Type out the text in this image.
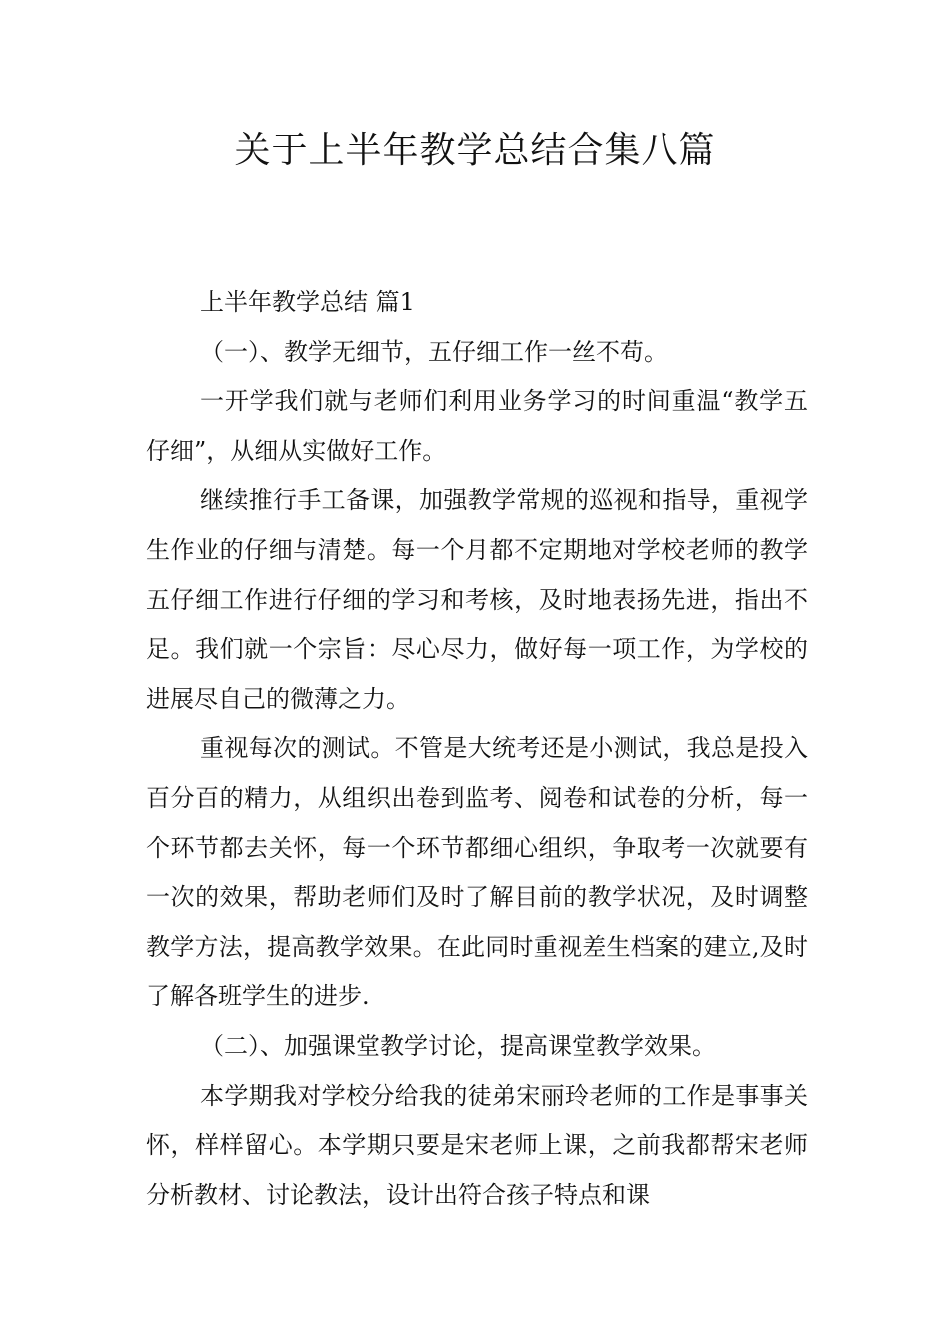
关于上半年教学总结合集八篇

上半年教学总结 篇1

（一）、教学无细节，五仔细工作一丝不苟。

一开学我们就与老师们利用业务学习的时间重温“教学五仔细”，从细从实做好工作。

继续推行手工备课，加强教学常规的巡视和指导，重视学生作业的仔细与清楚。每一个月都不定期地对学校老师的教学五仔细工作进行仔细的学习和考核，及时地表扬先进，指出不足。我们就一个宗旨：尽心尽力，做好每一项工作，为学校的进展尽自己的微薄之力。

重视每次的测试。不管是大统考还是小测试，我总是投入百分百的精力，从组织出卷到监考、阅卷和试卷的分析，每一个环节都去关怀，每一个环节都细心组织，争取考一次就要有一次的效果，帮助老师们及时了解目前的教学状况，及时调整教学方法，提高教学效果。在此同时重视差生档案的建立,及时了解各班学生的进步.

（二）、加强课堂教学讨论，提高课堂教学效果。

本学期我对学校分给我的徒弟宋丽玲老师的工作是事事关怀，样样留心。本学期只要是宋老师上课，之前我都帮宋老师分析教材、讨论教法，设计出符合孩子特点和课
